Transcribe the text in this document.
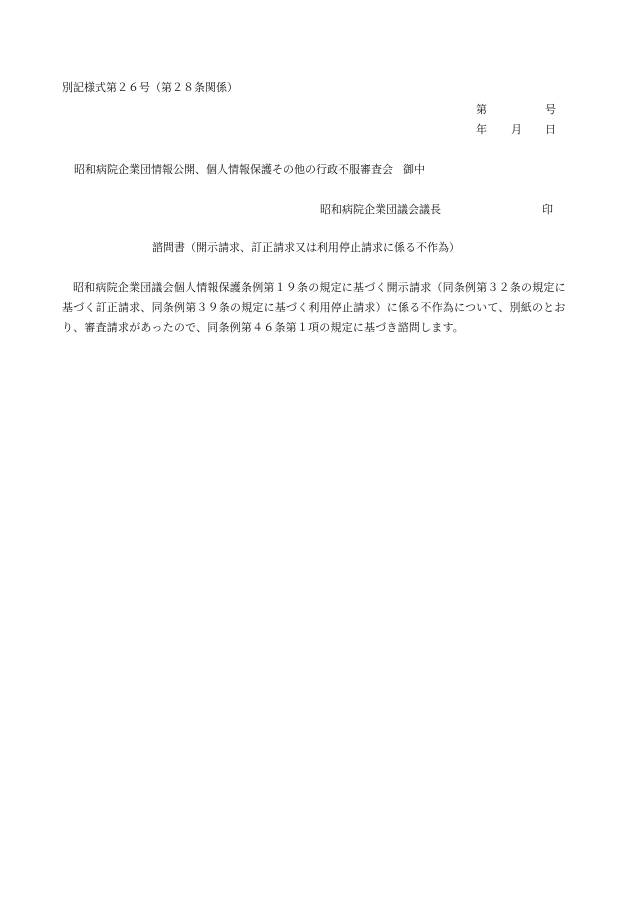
別記様式第２６号（第２８条関係）
第	号
年 月 日
昭和病院企業団情報公開、個人情報保護その他の行政不服審査会 御中
昭和病院企業団議会議長	印
諮問書（開示請求、訂正請求又は利用停止請求に係る不作為）
昭和病院企業団議会個人情報保護条例第１９条の規定に基づく開示請求（同条例第３２条の規定に基づく訂正請求、同条例第３９条の規定に基づく利用停止請求）に係る不作為について、別紙のとおり、審査請求があったので、同条例第４６条第１項の規定に基づき諮問します。
